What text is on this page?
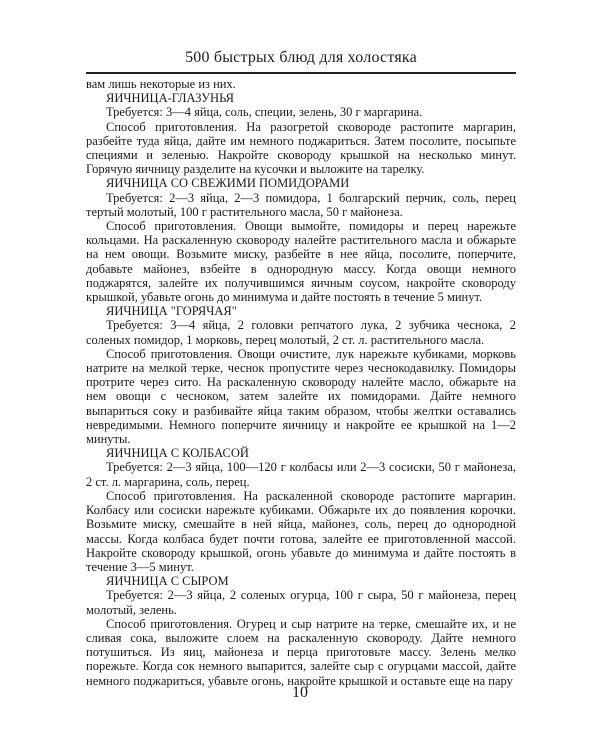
500 быстрых блюд для холостяка

вам лишь некоторые из них.

ЯИЧНИЦА-ГЛАЗУНЬЯ

Требуется: 3—4 яйца, соль, специи, зелень, 30 г маргарина.

Способ приготовления. На разогретой сковороде растопите маргарин, разбейте туда яйца, дайте им немного поджариться. Затем посолите, посыпьте специями и зеленью. Накройте сковороду крышкой на несколько минут. Горячую яичницу разделите на кусочки и выложите на тарелку.

ЯИЧНИЦА СО СВЕЖИМИ ПОМИДОРАМИ

Требуется: 2—3 яйца, 2—3 помидора, 1 болгарский перчик, соль, перец тертый молотый, 100 г растительного масла, 50 г майонеза.

Способ приготовления. Овощи вымойте, помидоры и перец нарежьте кольцами. На раскаленную сковороду налейте растительного масла и обжарьте на нем овощи. Возьмите миску, разбейте в нее яйца, посолите, поперчите, добавьте майонез, взбейте в однородную массу. Когда овощи немного поджарятся, залейте их получившимся яичным соусом, накройте сковороду крышкой, убавьте огонь до минимума и дайте постоять в течение 5 минут.

ЯИЧНИЦА "ГОРЯЧАЯ"

Требуется: 3—4 яйца, 2 головки репчатого лука, 2 зубчика чеснока, 2 соленых помидор, 1 морковь, перец молотый, 2 ст. л. растительного масла.

Способ приготовления. Овощи очистите, лук нарежьте кубиками, морковь натрите на мелкой терке, чеснок пропустите через чеснокодавилку. Помидоры протрите через сито. На раскаленную сковороду налейте масло, обжарьте на нем овощи с чесноком, затем залейте их помидорами. Дайте немного выпариться соку и разбивайте яйца таким образом, чтобы желтки оставались невредимыми. Немного поперчите яичницу и накройте ее крышкой на 1—2 минуты.

ЯИЧНИЦА С КОЛБАСОЙ

Требуется: 2—3 яйца, 100—120 г колбасы или 2—3 сосиски, 50 г майонеза, 2 ст. л. маргарина, соль, перец.

Способ приготовления. На раскаленной сковороде растопите маргарин. Колбасу или сосиски нарежьте кубиками. Обжарьте их до появления корочки. Возьмите миску, смешайте в ней яйца, майонез, соль, перец до однородной массы. Когда колбаса будет почти готова, залейте ее приготовленной массой. Накройте сковороду крышкой, огонь убавьте до минимума и дайте постоять в течение 3—5 минут.

ЯИЧНИЦА С СЫРОМ

Требуется: 2—3 яйца, 2 соленых огурца, 100 г сыра, 50 г майонеза, перец молотый, зелень.

Способ приготовления. Огурец и сыр натрите на терке, смешайте их, и не сливая сока, выложите слоем на раскаленную сковороду. Дайте немного потушиться. Из яиц, майонеза и перца приготовьте массу. Зелень мелко порежьте. Когда сок немного выпарится, залейте сыр с огурцами массой, дайте немного поджариться, убавьте огонь, накройте крышкой и оставьте еще на пару

10
